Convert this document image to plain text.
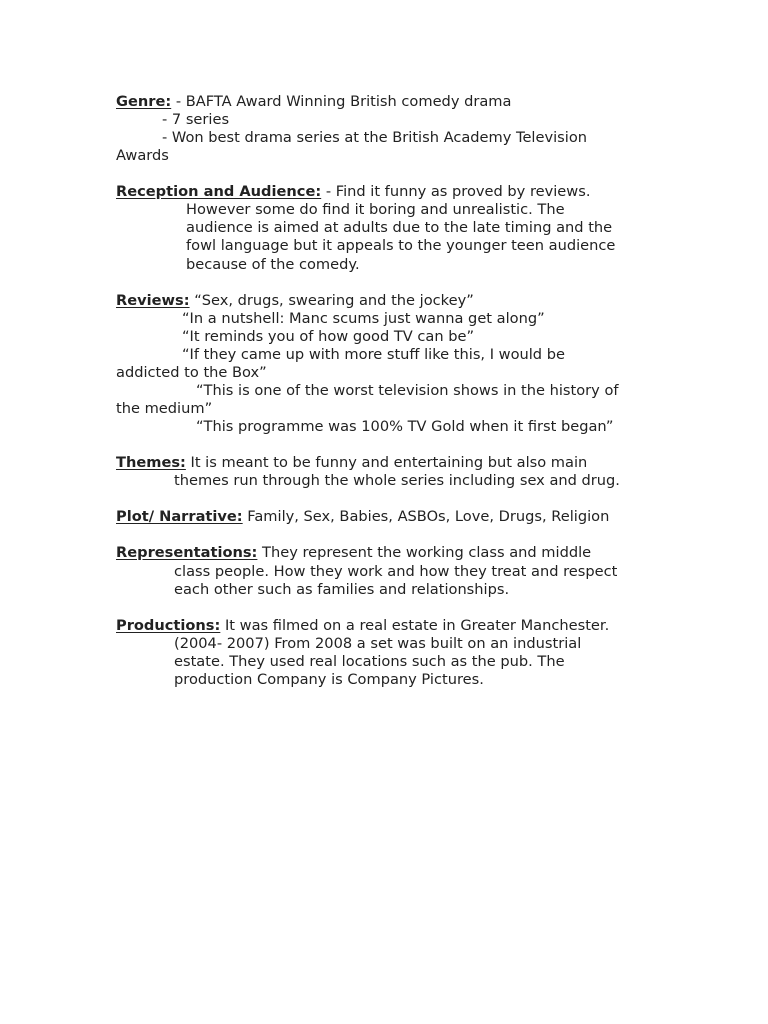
Genre: - BAFTA Award Winning British comedy drama
- 7 series
- Won best drama series at the British Academy Television
Awards
Reception and Audience: - Find it funny as proved by reviews.
However some do find it boring and unrealistic. The
audience is aimed at adults due to the late timing and the
fowl language but it appeals to the younger teen audience
because of the comedy.
Reviews: “Sex, drugs, swearing and the jockey”
“In a nutshell: Manc scums just wanna get along”
“It reminds you of how good TV can be”
“If they came up with more stuff like this, I would be
addicted to the Box”
“This is one of the worst television shows in the history of
the medium”
“This programme was 100% TV Gold when it first began”
Themes: It is meant to be funny and entertaining but also main
themes run through the whole series including sex and drug.
Plot/ Narrative: Family, Sex, Babies, ASBOs, Love, Drugs, Religion
Representations: They represent the working class and middle
class people. How they work and how they treat and respect
each other such as families and relationships.
Productions: It was filmed on a real estate in Greater Manchester.
(2004- 2007) From 2008 a set was built on an industrial
estate. They used real locations such as the pub. The
production Company is Company Pictures.
